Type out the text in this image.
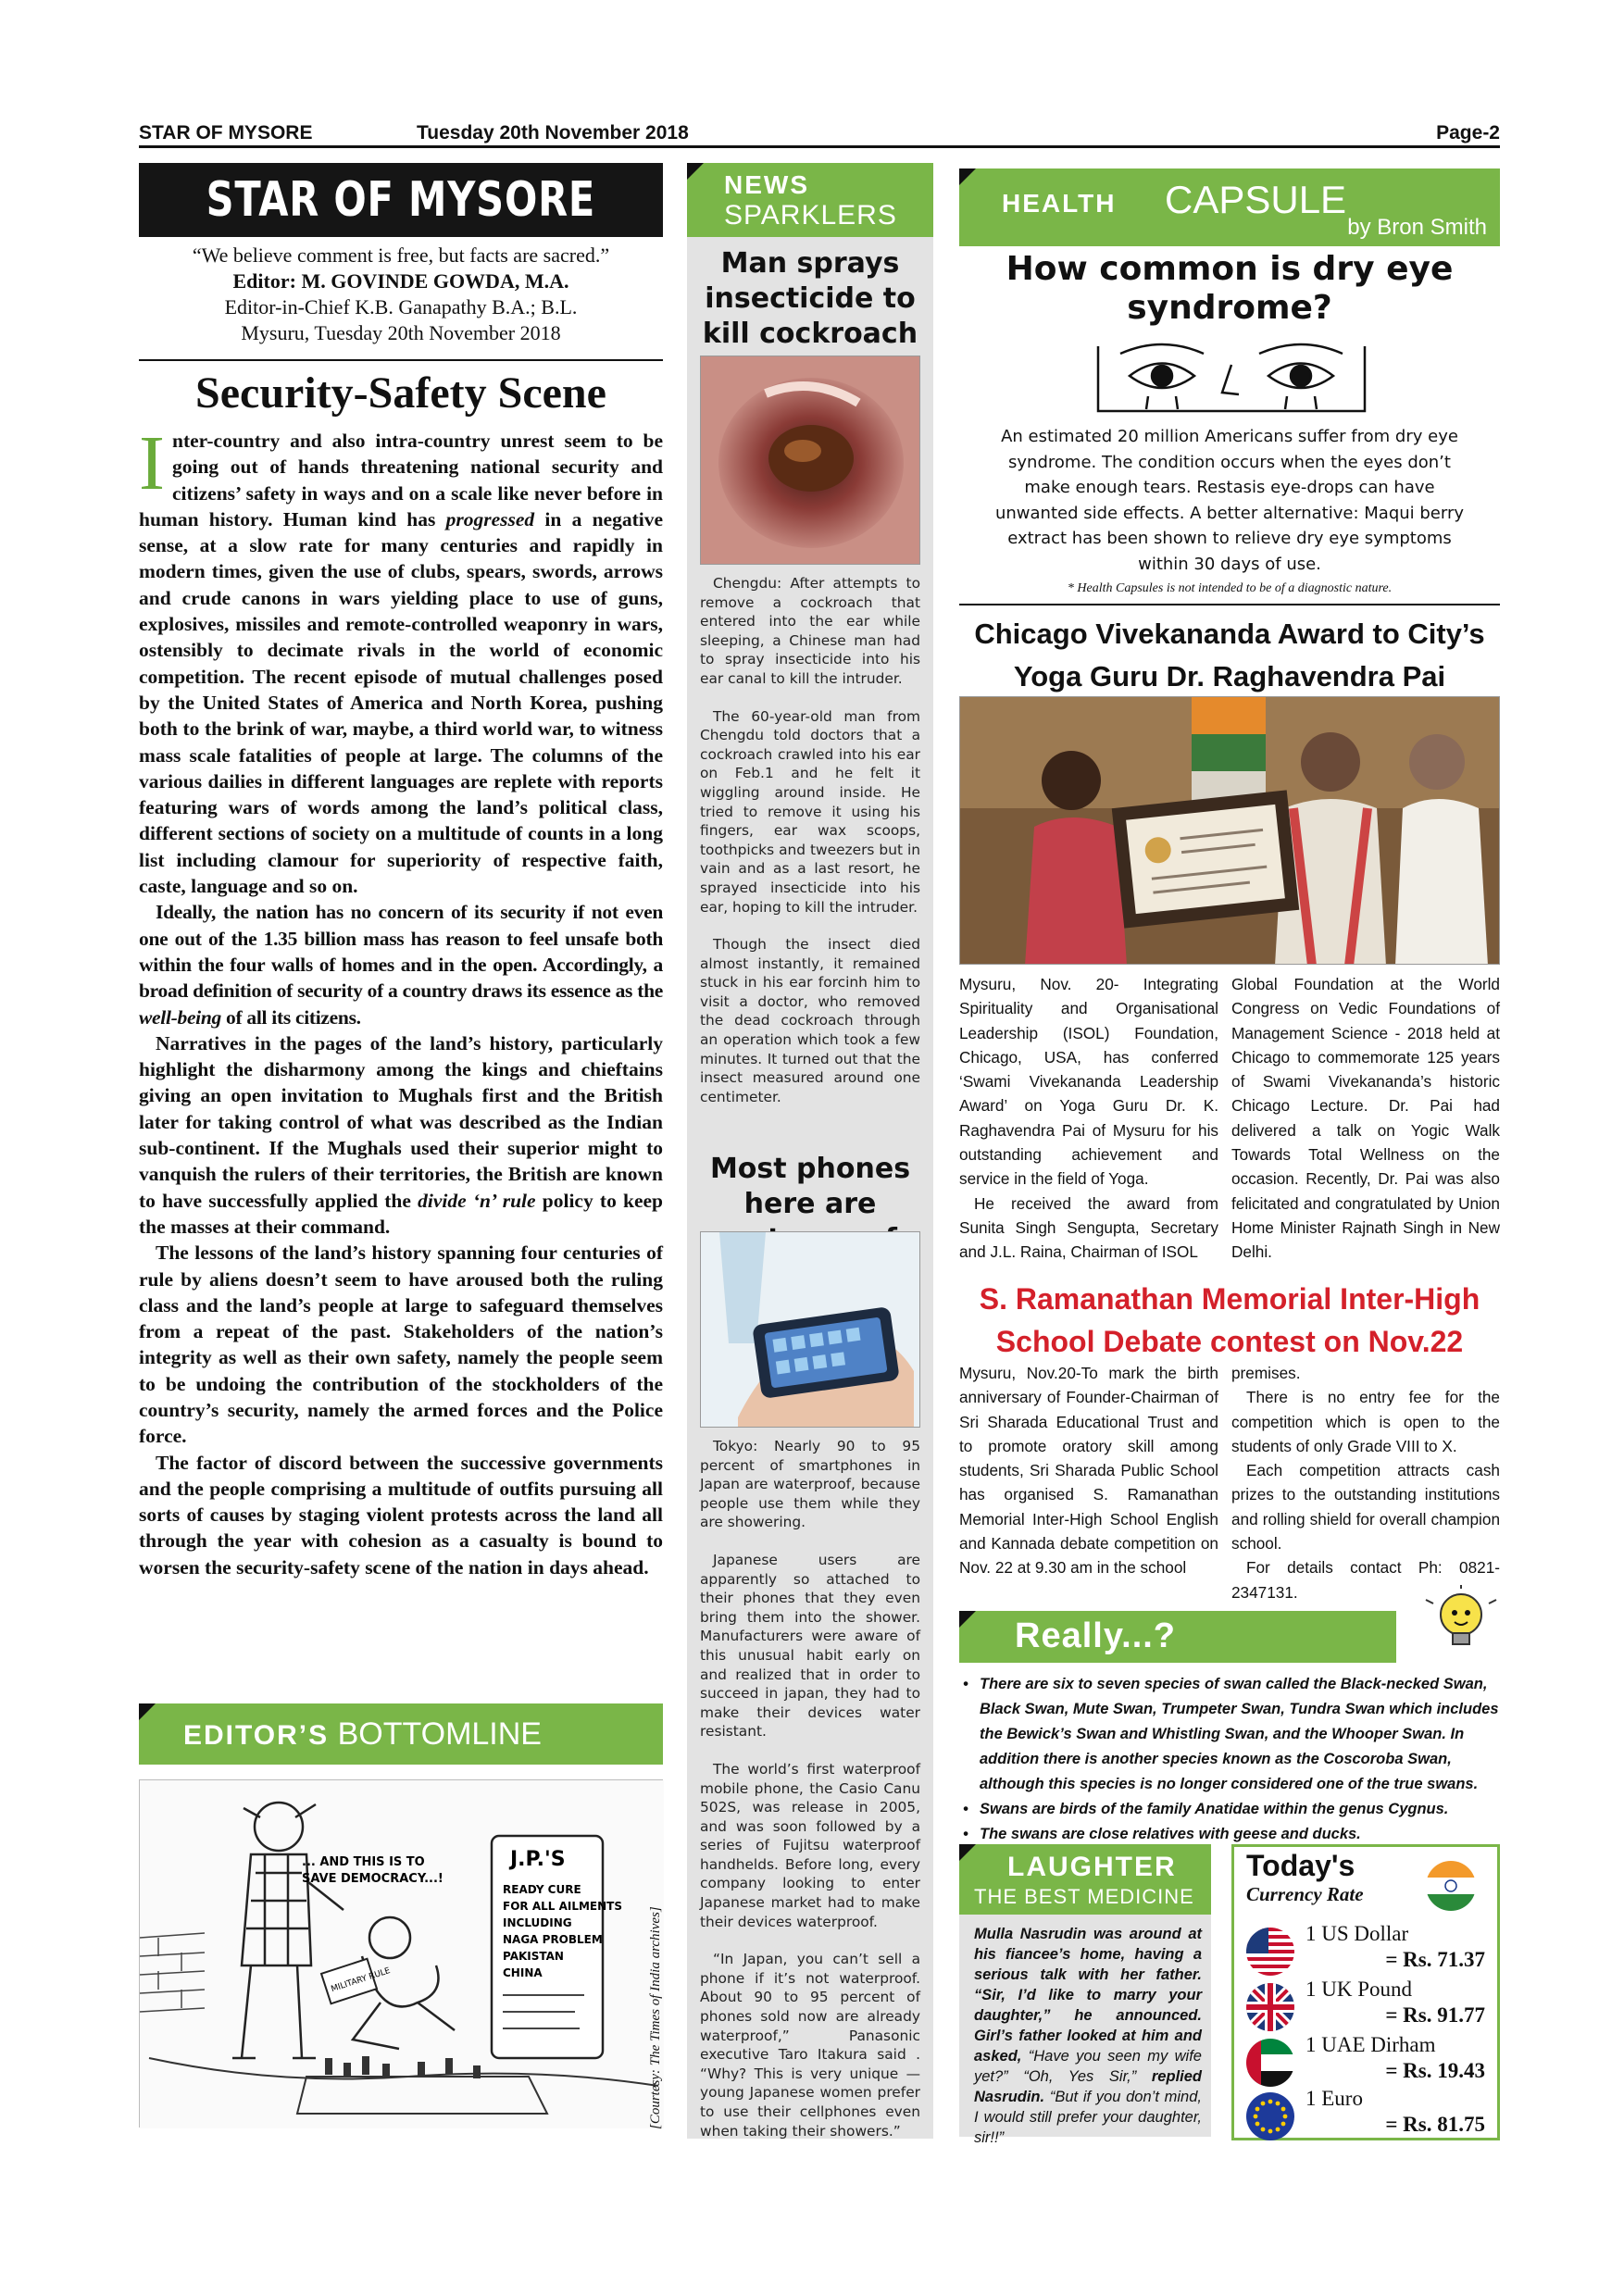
STAR OF MYSORE	Tuesday 20th November 2018	Page-2
STAR OF MYSORE

“We believe comment is free, but facts are sacred.”

Editor: M. GOVINDE GOWDA, M.A.

Editor-in-Chief K.B. Ganapathy B.A.; B.L.

Mysuru, Tuesday 20th November 2018

Security-Safety Scene

Inter-country and also intra-country unrest seem to be going out of hands threatening national security and citizens’ safety in ways and on a scale like never before in human history. Human kind has progressed in a negative sense, at a slow rate for many centuries and rapidly in modern times, given the use of clubs, spears, swords, arrows and crude canons in wars yielding place to use of guns, explosives, missiles and remote-controlled weaponry in wars, ostensibly to decimate rivals in the world of economic competition. The recent episode of mutual challenges posed by the United States of America and North Korea, pushing both to the brink of war, maybe, a third world war, to witness mass scale fatalities of people at large. The columns of the various dailies in different languages are replete with reports featuring wars of words among the land’s political class, different sections of society on a multitude of counts in a long list including clamour for superiority of respective faith, caste, language and so on.

Ideally, the nation has no concern of its security if not even one out of the 1.35 billion mass has reason to feel unsafe both within the four walls of homes and in the open. Accordingly, a broad definition of security of a country draws its essence as the well-being of all its citizens.

Narratives in the pages of the land’s history, particularly highlight the disharmony among the kings and chieftains giving an open invitation to Mughals first and the British later for taking control of what was described as the Indian sub-continent. If the Mughals used their superior might to vanquish the rulers of their territories, the British are known to have successfully applied the divide ‘n’ rule policy to keep the masses at their command.

The lessons of the land’s history spanning four centuries of rule by aliens doesn’t seem to have aroused both the ruling class and the land’s people at large to safeguard themselves from a repeat of the past. Stakeholders of the nation’s integrity as well as their own safety, namely the people seem to be undoing the contribution of the stockholders of the country’s security, namely the armed forces and the Police force.

The factor of discord between the successive governments and the people comprising a multitude of outfits pursuing all sorts of causes by staging violent protests across the land all through the year with cohesion as a casualty is bound to worsen the security-safety scene of the nation in days ahead.

EDITOR’S BOTTOMLINE
MILITARY RULE
... AND THIS IS TO
SAVE DEMOCRACY...!
J.P.'S
READY CURE
FOR ALL AILMENTS
INCLUDING
NAGA PROBLEM
PAKISTAN
CHINA	[Courtesy: The Times of India archives]
NEWS
SPARKLERS
Man sprays insecticide to kill cockroach

Chengdu: After attempts to remove a cockroach that entered into the ear while sleeping, a Chinese man had to spray insecticide into his ear canal to kill the intruder.

The 60-year-old man from Chengdu told doctors that a cockroach crawled into his ear on Feb.1 and he felt it wiggling around inside. He tried to remove it using his fingers, ear wax scoops, toothpicks and tweezers but in vain and as a last resort, he sprayed insecticide into his ear, hoping to kill the intruder.

Though the insect died almost instantly, it remained stuck in his ear forcinh him to visit a doctor, who removed the dead cockroach through an operation which took a few minutes. It turned out that the insect measured around one centimeter.

Most phones here are

Tokyo: Nearly 90 to 95 percent of smartphones in Japan are waterproof, because people use them while they are showering.

Japanese users are apparently so attached to their phones that they even bring them into the shower. Manufacturers were aware of this unusual habit early on and realized that in order to succeed in japan, they had to make their devices water resistant.

The world’s first waterproof mobile phone, the Casio Canu 502S, was release in 2005, and was soon followed by a series of Fujitsu waterproof handhelds. Before long, every company looking to enter Japanese market had to make their devices waterproof.

“In Japan, you can’t sell a phone if it’s not waterproof. About 90 to 95 percent of phones sold now are already waterproof,” Panasonic executive Taro Itakura said . “Why? This is very unique — young Japanese women prefer to use their cellphones even when taking their showers.”

HEALTH CAPSULE
by Bron Smith
How common is dry eye syndrome?
An estimated 20 million Americans suffer from dry eye syndrome. The condition occurs when the eyes don’t make enough tears. Restasis eye-drops can have unwanted side effects. A better alternative: Maqui berry extract has been shown to relieve dry eye symptoms within 30 days of use.
* Health Capsules is not intended to be of a diagnostic nature.
Chicago Vivekananda Award to City’s Yoga Guru Dr. Raghavendra Pai

Mysuru, Nov. 20- Integrating Spirituality and Organisational Leadership (ISOL) Foundation, Chicago, USA, has conferred ‘Swami Vivekananda Leadership Award’ on Yoga Guru Dr. K. Raghavendra Pai of Mysuru for his outstanding achievement and service in the field of Yoga.

He received the award from Sunita Singh Sengupta, Secretary and J.L. Raina, Chairman of ISOL

Global Foundation at the World Congress on Vedic Foundations of Management Science - 2018 held at Chicago to commemorate 125 years of Swami Vivekananda’s historic Chicago Lecture. Dr. Pai had delivered a talk on Yogic Walk Towards Total Wellness on the occasion. Recently, Dr. Pai was also felicitated and congratulated by Union Home Minister Rajnath Singh in New Delhi.

S. Ramanathan Memorial Inter-High School Debate contest on Nov.22

Mysuru, Nov.20-To mark the birth anniversary of Founder-Chairman of Sri Sharada Educational Trust and to promote oratory skill among students, Sri Sharada Public School has organised S. Ramanathan Memorial Inter-High School English and Kannada debate competition on Nov. 22 at 9.30 am in the school

premises.

There is no entry fee for the competition which is open to the students of only Grade VIII to X.

Each competition attracts cash prizes to the outstanding institutions and rolling shield for overall champion school.

For details contact Ph: 0821-2347131.

Really...?
• There are six to seven species of swan called the Black-necked Swan, Black Swan, Mute Swan, Trumpeter Swan, Tundra Swan which includes the Bewick’s Swan and Whistling Swan, and the Whooper Swan. In addition there is another species known as the Coscoroba Swan, although this species is no longer considered one of the true swans.
• Swans are birds of the family Anatidae within the genus Cygnus.
• The swans are close relatives with geese and ducks.
LAUGHTER
THE BEST MEDICINE
Mulla Nasrudin was around at his fiancee’s home, having a serious talk with her father. “Sir, I’d like to marry your daughter,” he announced. Girl’s father looked at him and asked, “Have you seen my wife yet?” “Oh, Yes Sir,” replied Nasrudin. “But if you don’t mind, I would still prefer your daughter, sir!!”
Today's
Currency Rate
1 US Dollar
= Rs. 71.37
1 UK Pound
= Rs. 91.77
1 UAE Dirham
= Rs. 19.43
1 Euro
= Rs. 81.75
